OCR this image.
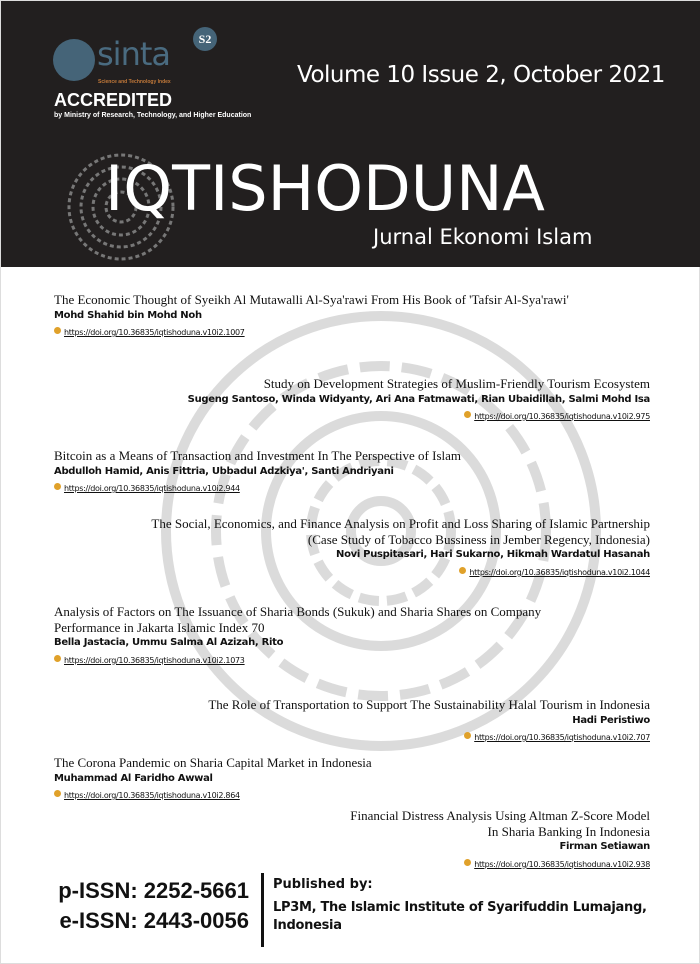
sinta
Science and Technology Index
S2
ACCREDITED
by Ministry of Research, Technology, and Higher Education
Volume 10 Issue 2, October 2021
IQTISHODUNA
Jurnal Ekonomi Islam
The Economic Thought of Syeikh Al Mutawalli Al-Sya'rawi From His Book of 'Tafsir Al-Sya'rawi'
Mohd Shahid bin Mohd Noh
https://doi.org/10.36835/iqtishoduna.v10i2.1007
Study on Development Strategies of Muslim-Friendly Tourism Ecosystem
Sugeng Santoso, Winda Widyanty, Ari Ana Fatmawati, Rian Ubaidillah, Salmi Mohd Isa
https://doi.org/10.36835/iqtishoduna.v10i2.975
Bitcoin as a Means of Transaction and Investment In The Perspective of Islam
Abdulloh Hamid, Anis Fittria, Ubbadul Adzkiya', Santi Andriyani
https://doi.org/10.36835/iqtishoduna.v10i2.944
The Social, Economics, and Finance Analysis on Profit and Loss Sharing of Islamic Partnership
(Case Study of Tobacco Bussiness in Jember Regency, Indonesia)
Novi Puspitasari, Hari Sukarno, Hikmah Wardatul Hasanah
https://doi.org/10.36835/iqtishoduna.v10i2.1044
Analysis of Factors on The Issuance of Sharia Bonds (Sukuk) and Sharia Shares on Company
Performance in Jakarta Islamic Index 70
Bella Jastacia, Ummu Salma Al Azizah, Rito
https://doi.org/10.36835/iqtishoduna.v10i2.1073
The Role of Transportation to Support The Sustainability Halal Tourism in Indonesia
Hadi Peristiwo
https://doi.org/10.36835/iqtishoduna.v10i2.707
The Corona Pandemic on Sharia Capital Market in Indonesia
Muhammad Al Faridho Awwal
https://doi.org/10.36835/iqtishoduna.v10i2.864
Financial Distress Analysis Using Altman Z-Score Model
In Sharia Banking In Indonesia
Firman Setiawan
https://doi.org/10.36835/iqtishoduna.v10i2.938
p-ISSN: 2252-5661
e-ISSN: 2443-0056
Published by:
LP3M, The Islamic Institute of Syarifuddin Lumajang, Indonesia
